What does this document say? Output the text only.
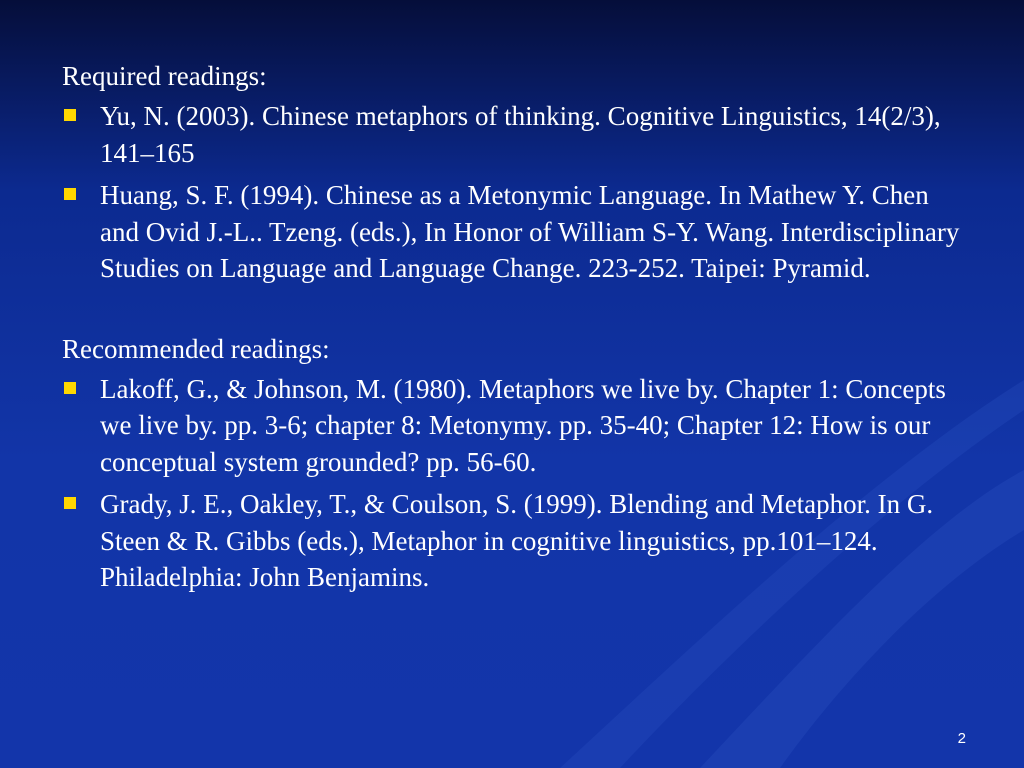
Required readings:

Yu, N. (2003). Chinese metaphors of thinking. Cognitive Linguistics, 14(2/3), 141–165
Huang, S. F. (1994). Chinese as a Metonymic Language. In Mathew Y. Chen and Ovid J.-L.. Tzeng. (eds.), In Honor of William S-Y. Wang. Interdisciplinary Studies on Language and Language Change. 223-252. Taipei: Pyramid.

Recommended readings:

Lakoff, G., & Johnson, M. (1980). Metaphors we live by. Chapter 1: Concepts we live by. pp. 3-6; chapter 8: Metonymy. pp. 35-40; Chapter 12: How is our conceptual system grounded? pp. 56-60.
Grady, J. E., Oakley, T., & Coulson, S. (1999). Blending and Metaphor. In G. Steen & R. Gibbs (eds.), Metaphor in cognitive linguistics, pp.101–124. Philadelphia: John Benjamins.
2
